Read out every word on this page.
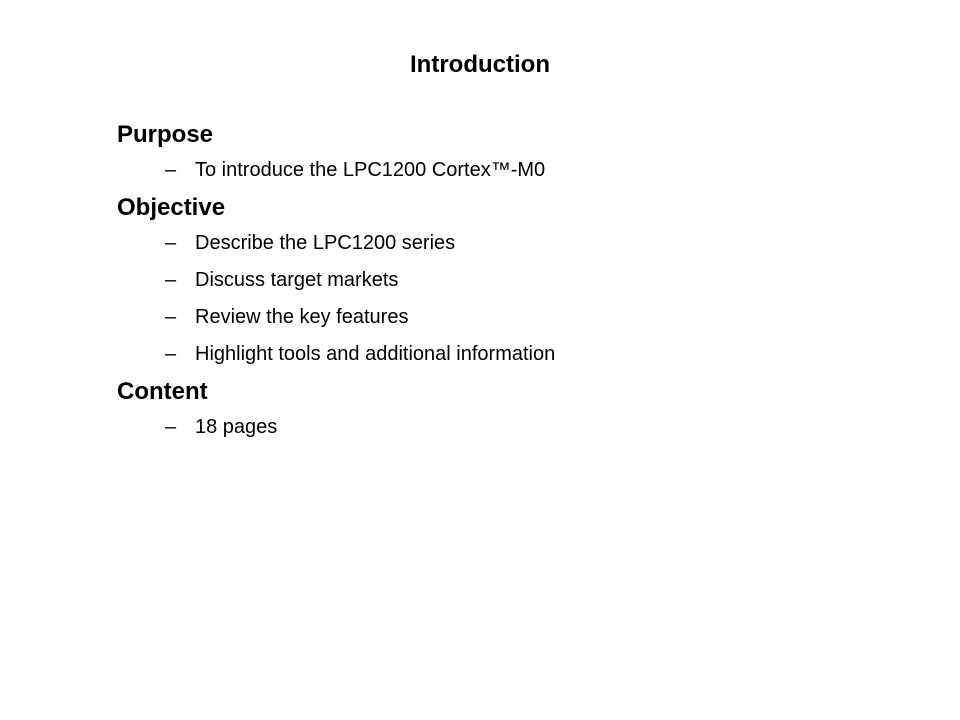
Introduction
Purpose
– To introduce the LPC1200 Cortex™-M0
Objective
– Describe the LPC1200 series
– Discuss target markets
– Review the key features
– Highlight tools and additional information
Content
– 18 pages
